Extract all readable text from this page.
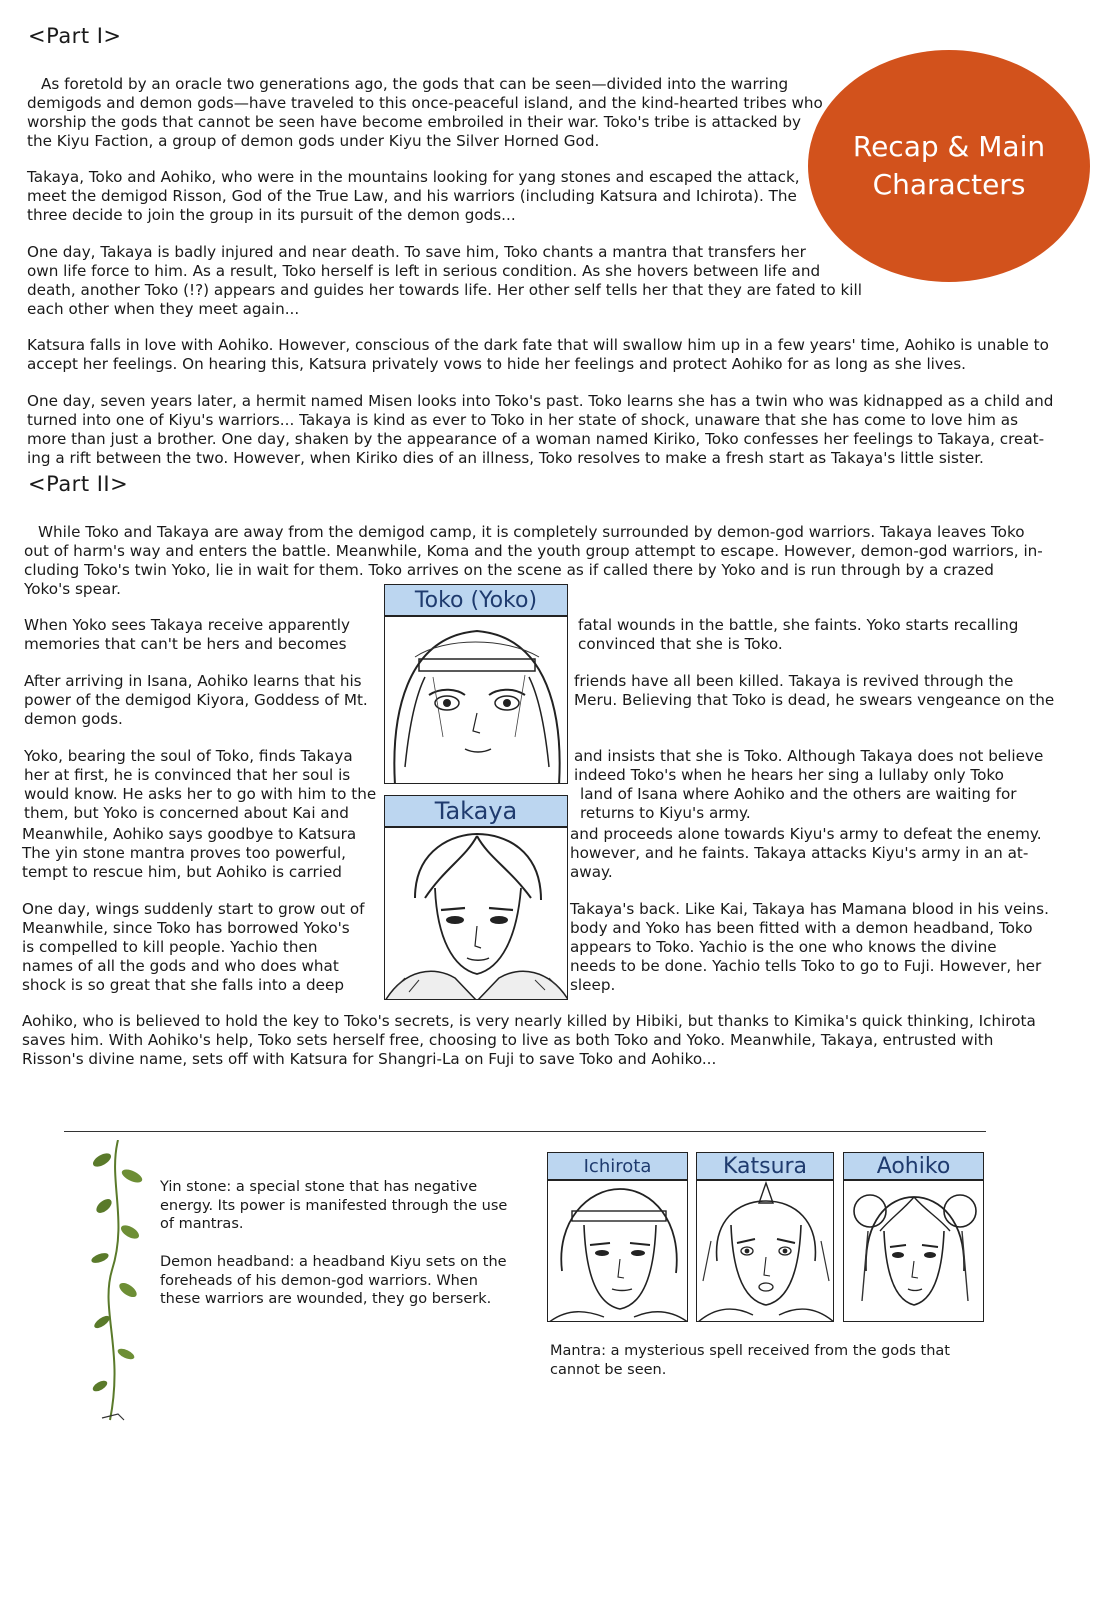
<Part I>
As foretold by an oracle two generations ago, the gods that can be seen—divided into the warring
demigods and demon gods—have traveled to this once-peaceful island, and the kind-hearted tribes who
worship the gods that cannot be seen have become embroiled in their war. Toko's tribe is attacked by
the Kiyu Faction, a group of demon gods under Kiyu the Silver Horned God.
Takaya, Toko and Aohiko, who were in the mountains looking for yang stones and escaped the attack,
meet the demigod Risson, God of the True Law, and his warriors (including Katsura and Ichirota). The
three decide to join the group in its pursuit of the demon gods...
One day, Takaya is badly injured and near death. To save him, Toko chants a mantra that transfers her
own life force to him. As a result, Toko herself is left in serious condition. As she hovers between life and
death, another Toko (!?) appears and guides her towards life. Her other self tells her that they are fated to kill
each other when they meet again...
Katsura falls in love with Aohiko. However, conscious of the dark fate that will swallow him up in a few years' time, Aohiko is unable to
accept her feelings. On hearing this, Katsura privately vows to hide her feelings and protect Aohiko for as long as she lives.
One day, seven years later, a hermit named Misen looks into Toko's past. Toko learns she has a twin who was kidnapped as a child and
turned into one of Kiyu's warriors... Takaya is kind as ever to Toko in her state of shock, unaware that she has come to love him as
more than just a brother. One day, shaken by the appearance of a woman named Kiriko, Toko confesses her feelings to Takaya, creat-
ing a rift between the two. However, when Kiriko dies of an illness, Toko resolves to make a fresh start as Takaya's little sister.
Recap & Main
Characters
<Part II>
While Toko and Takaya are away from the demigod camp, it is completely surrounded by demon-god warriors. Takaya leaves Toko
out of harm's way and enters the battle. Meanwhile, Koma and the youth group attempt to escape. However, demon-god warriors, in-
cluding Toko's twin Yoko, lie in wait for them. Toko arrives on the scene as if called there by Yoko and is run through by a crazed
Yoko's spear.
When Yoko sees Takaya receive apparently
memories that can't be hers and becomes
After arriving in Isana, Aohiko learns that his
power of the demigod Kiyora, Goddess of Mt.
demon gods.
Yoko, bearing the soul of Toko, finds Takaya
her at first, he is convinced that her soul is
would know. He asks her to go with him to the
them, but Yoko is concerned about Kai and
Meanwhile, Aohiko says goodbye to Katsura
The yin stone mantra proves too powerful,
tempt to rescue him, but Aohiko is carried
One day, wings suddenly start to grow out of
Meanwhile, since Toko has borrowed Yoko's
is compelled to kill people. Yachio then
names of all the gods and who does what
shock is so great that she falls into a deep
fatal wounds in the battle, she faints. Yoko starts recalling
convinced that she is Toko.
friends have all been killed. Takaya is revived through the
Meru. Believing that Toko is dead, he swears vengeance on the
and insists that she is Toko. Although Takaya does not believe
indeed Toko's when he hears her sing a lullaby only Toko
land of Isana where Aohiko and the others are waiting for
returns to Kiyu's army.
and proceeds alone towards Kiyu's army to defeat the enemy.
however, and he faints. Takaya attacks Kiyu's army in an at-
away.
Takaya's back. Like Kai, Takaya has Mamana blood in his veins.
body and Yoko has been fitted with a demon headband, Toko
appears to Toko. Yachio is the one who knows the divine
needs to be done. Yachio tells Toko to go to Fuji. However, her
sleep.
Toko (Yoko)
Takaya
Aohiko, who is believed to hold the key to Toko's secrets, is very nearly killed by Hibiki, but thanks to Kimika's quick thinking, Ichirota
saves him. With Aohiko's help, Toko sets herself free, choosing to live as both Toko and Yoko. Meanwhile, Takaya, entrusted with
Risson's divine name, sets off with Katsura for Shangri-La on Fuji to save Toko and Aohiko...
Yin stone: a special stone that has negative
energy. Its power is manifested through the use
of mantras.
Demon headband: a headband Kiyu sets on the
foreheads of his demon-god warriors. When
these warriors are wounded, they go berserk.
Ichirota	Katsura	Aohiko
Mantra: a mysterious spell received from the gods that
cannot be seen.
